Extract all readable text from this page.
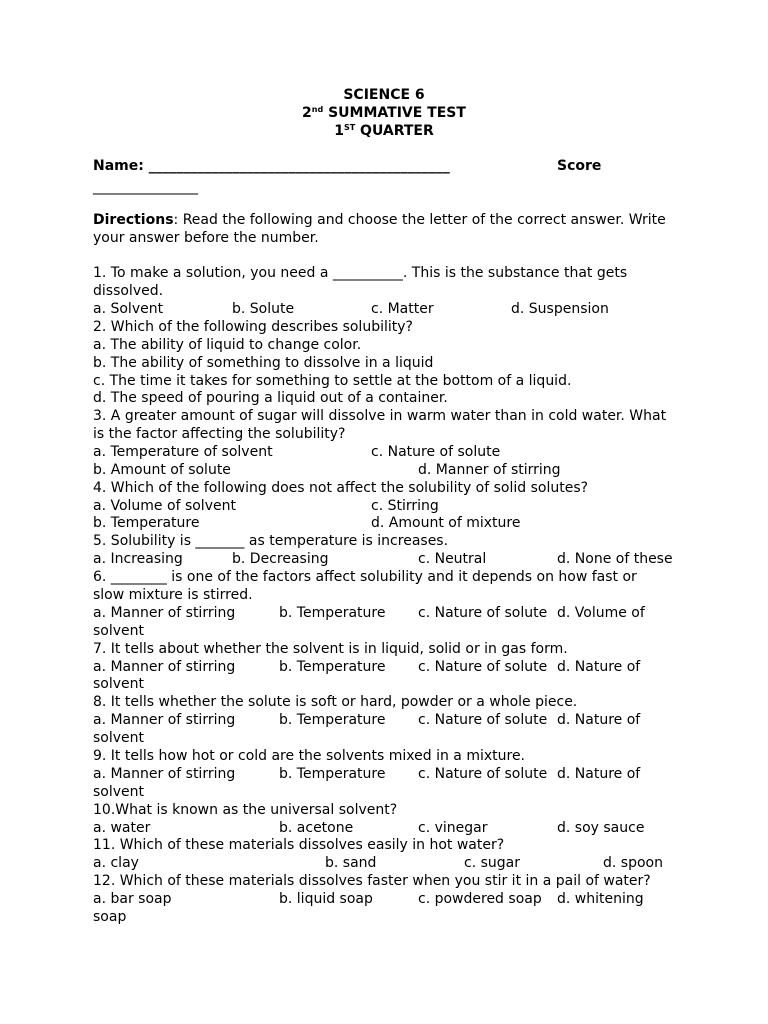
SCIENCE 6
2nd SUMMATIVE TEST
1ST QUARTER
Name: ___________________________________________	Score
_______________
Directions: Read the following and choose the letter of the correct answer. Write
your answer before the number.
1. To make a solution, you need a __________. This is the substance that gets
dissolved.
a. Solvent	b. Solute	c. Matter	d. Suspension
2. Which of the following describes solubility?
a. The ability of liquid to change color.
b. The ability of something to dissolve in a liquid
c. The time it takes for something to settle at the bottom of a liquid.
d. The speed of pouring a liquid out of a container.
3. A greater amount of sugar will dissolve in warm water than in cold water. What
is the factor affecting the solubility?
a. Temperature of solvent	c. Nature of solute
b. Amount of solute	d. Manner of stirring
4. Which of the following does not affect the solubility of solid solutes?
a. Volume of solvent	c. Stirring
b. Temperature	d. Amount of mixture
5. Solubility is _______ as temperature is increases.
a. Increasing	b. Decreasing	c. Neutral	d. None of these
6. ________ is one of the factors affect solubility and it depends on how fast or
slow mixture is stirred.
a. Manner of stirring	b. Temperature c. Nature of solute d. Volume of
solvent
7. It tells about whether the solvent is in liquid, solid or in gas form.
a. Manner of stirring	b. Temperature c. Nature of solute d. Nature of
solvent
8. It tells whether the solute is soft or hard, powder or a whole piece.
a. Manner of stirring	b. Temperature c. Nature of solute d. Nature of
solvent
9. It tells how hot or cold are the solvents mixed in a mixture.
a. Manner of stirring	b. Temperature c. Nature of solute d. Nature of
solvent
10.What is known as the universal solvent?
a. water	b. acetone	c. vinegar	d. soy sauce
11. Which of these materials dissolves easily in hot water?
a. clay	b. sand	c. sugar	d. spoon
12. Which of these materials dissolves faster when you stir it in a pail of water?
a. bar soap	b. liquid soap	c. powdered soap d. whitening
soap
